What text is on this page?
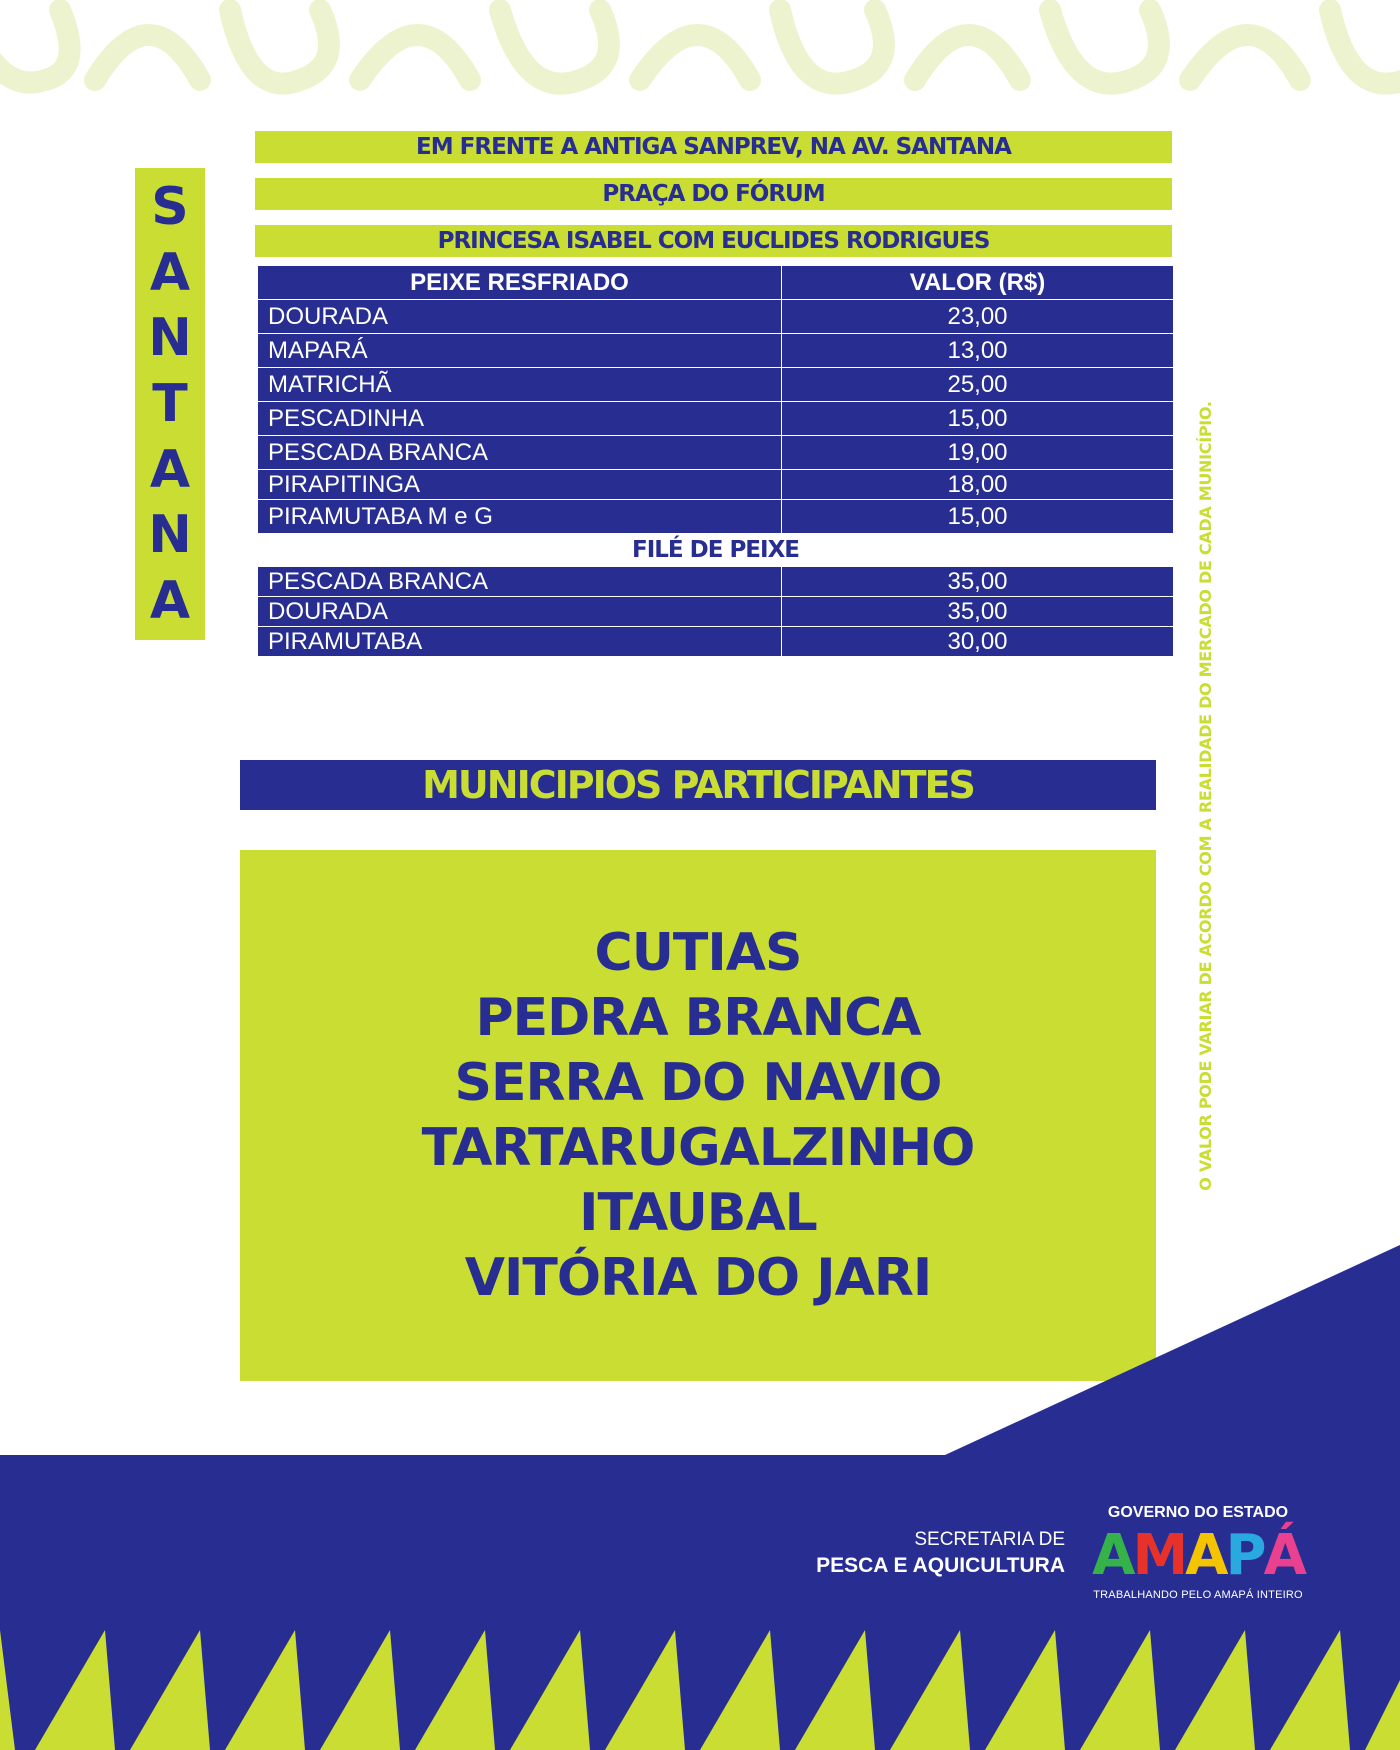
S
A
N
T
A
N
A
EM FRENTE A ANTIGA SANPREV, NA AV. SANTANA
PRAÇA DO FÓRUM
PRINCESA ISABEL COM EUCLIDES RODRIGUES
PEIXE RESFRIADO	VALOR (R$)
DOURADA	23,00
MAPARÁ	13,00
MATRICHÃ	25,00
PESCADINHA	15,00
PESCADA BRANCA	19,00
PIRAPITINGA	18,00
PIRAMUTABA M e G	15,00
FILÉ DE PEIXE	
PESCADA BRANCA	35,00
DOURADA	35,00
PIRAMUTABA	30,00
MUNICIPIOS PARTICIPANTES
CUTIAS
PEDRA BRANCA
SERRA DO NAVIO
TARTARUGALZINHO
ITAUBAL
VITÓRIA DO JARI
O VALOR PODE VARIAR DE ACORDO COM A REALIDADE DO MERCADO DE CADA MUNICÍPIO.
SECRETARIA DE
PESCA E AQUICULTURA
GOVERNO DO ESTADO
A M A P Á
TRABALHANDO PELO AMAPÁ INTEIRO
